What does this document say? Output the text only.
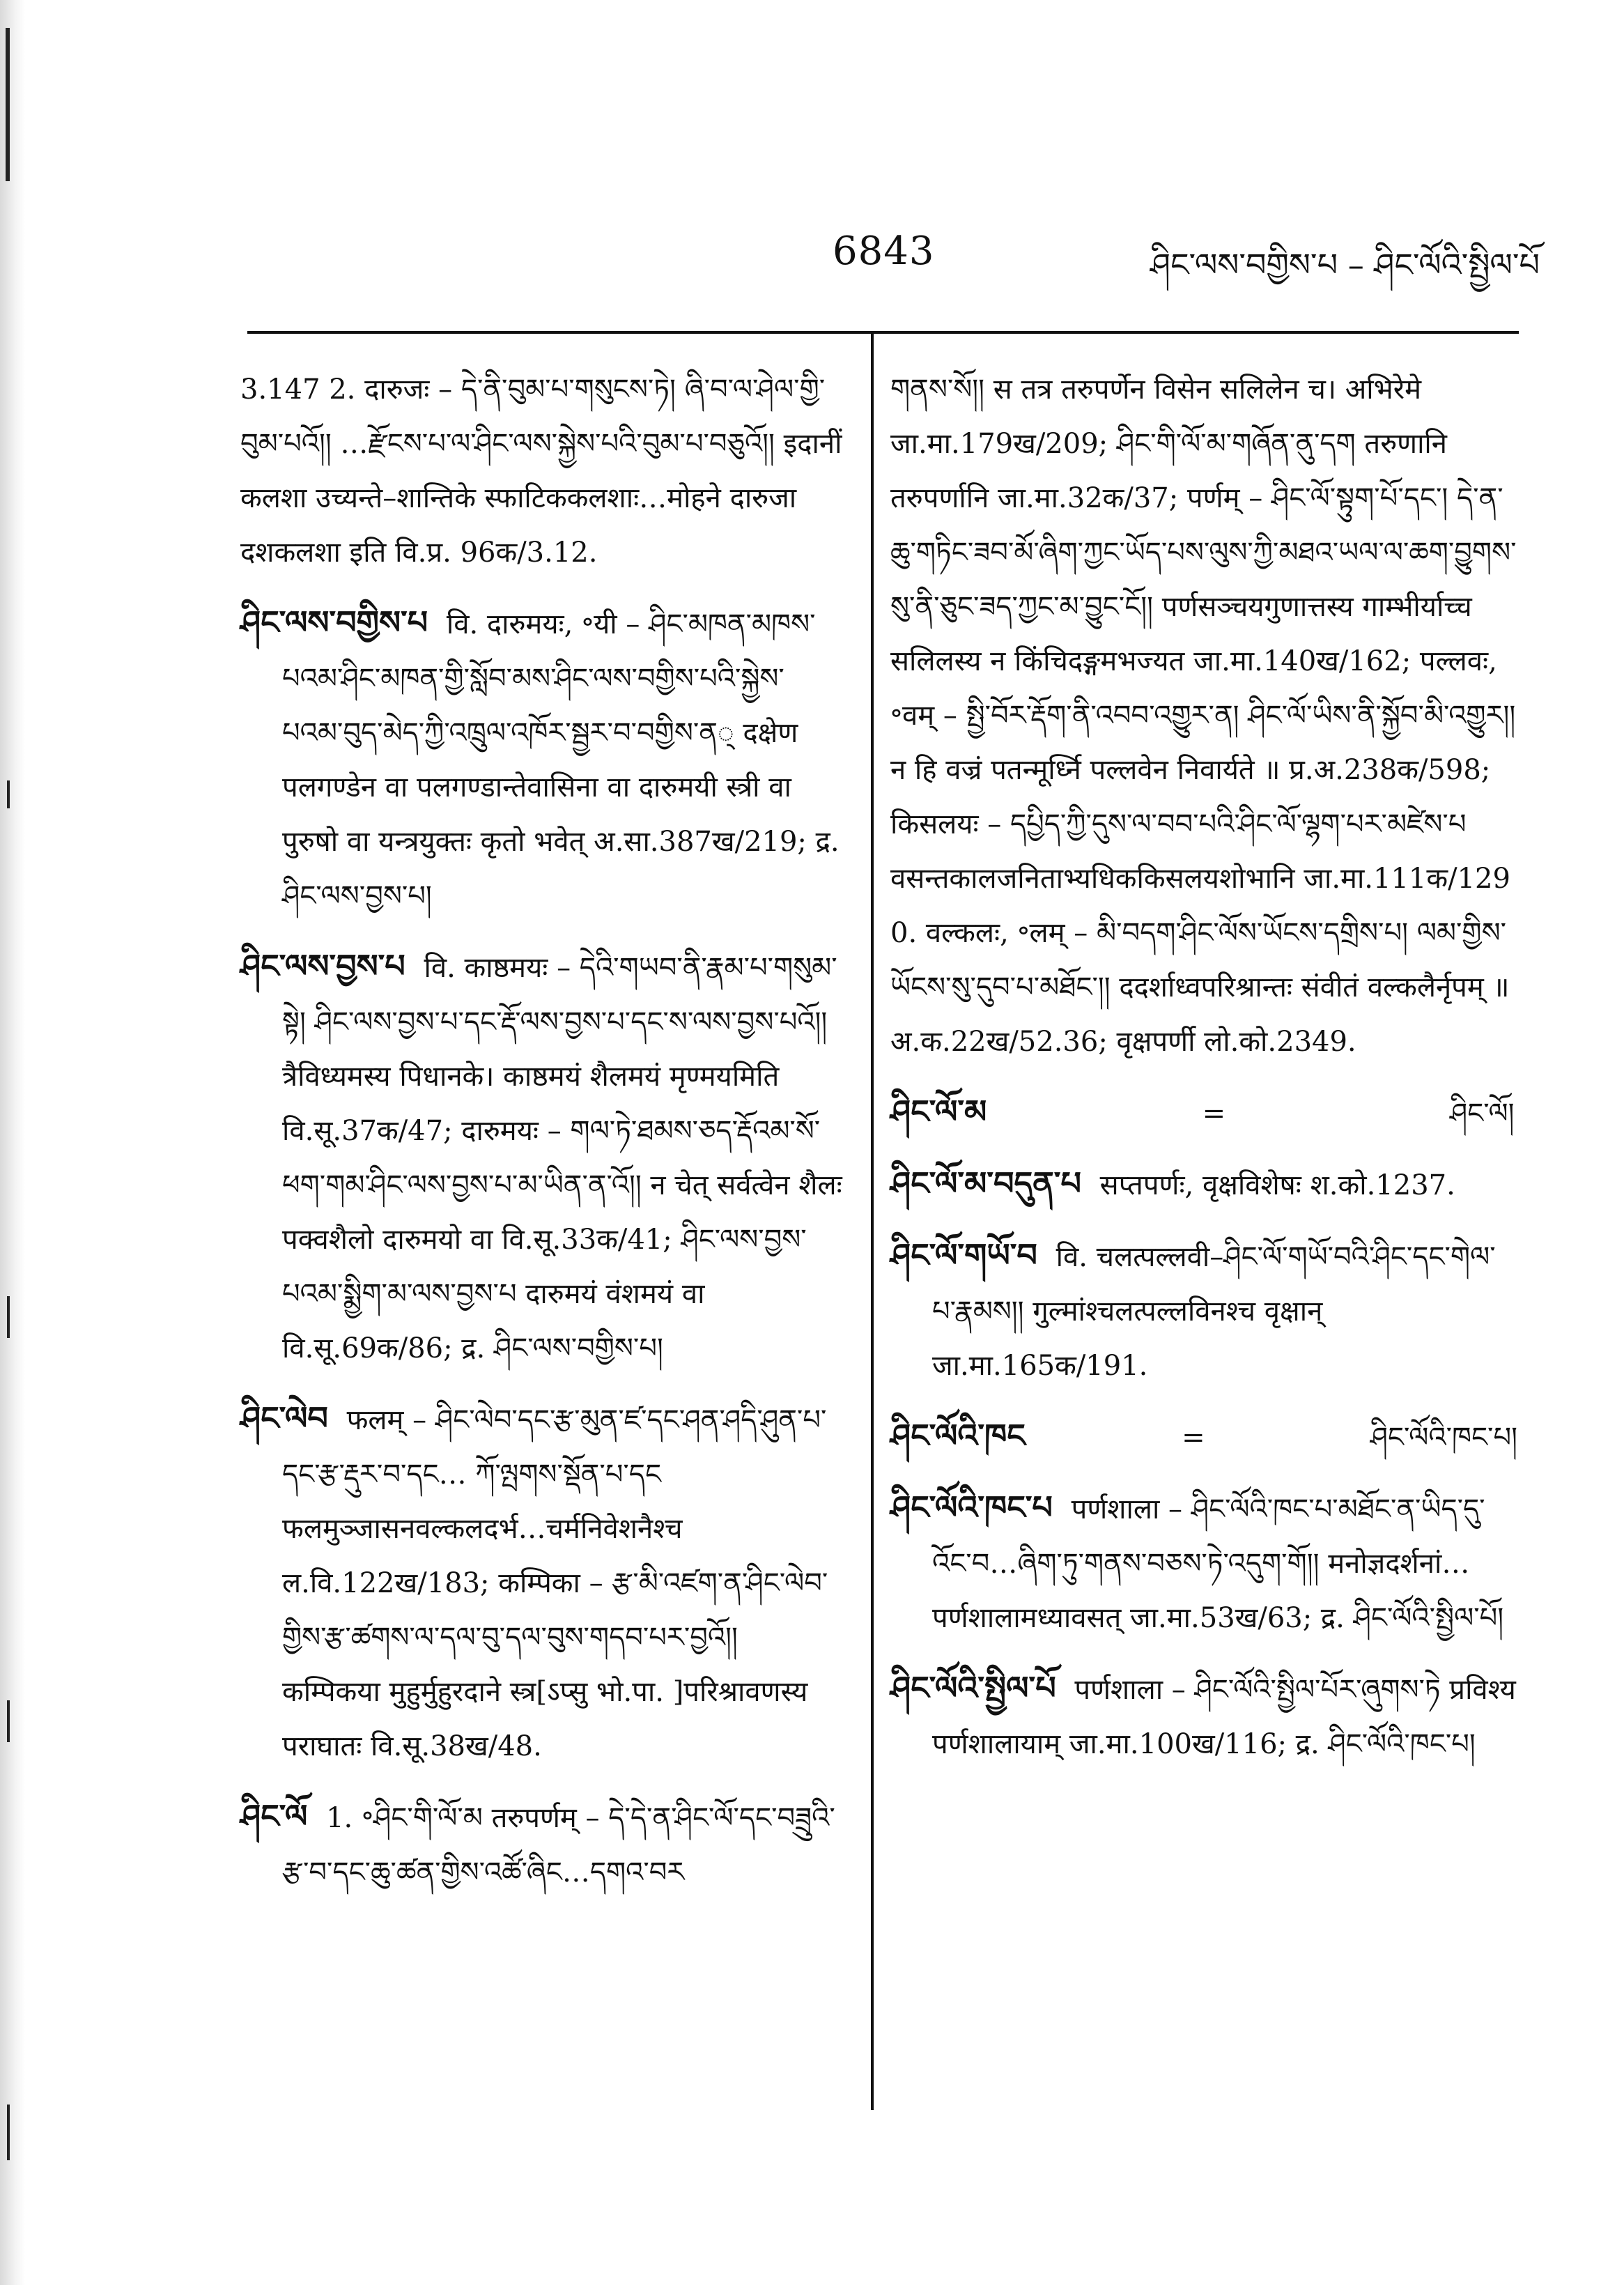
6843	ཤིང་ལས་བགྱིས་པ – ཤིང་ལོའི་སྤྱིལ་པོ

3.147 2. दारुजः – དེ་ནི་བུམ་པ་གསུངས་ཏེ། ཞི་བ་ལ་ཤེལ་གྱི་བུམ་པའོ།། …རྫོངས་པ་ལ་ཤིང་ལས་སྐྱེས་པའི་བུམ་པ་བཅུའོ།། इदानीं कलशा उच्यन्ते–शान्तिके स्फाटिककलशाः…मोहने दारुजा दशकलशा इति वि.प्र. 96क/3.12.

ཤིང་ལས་བགྱིས་པ वि. दारुमयः, ॰यी – ཤིང་མཁན་མཁས་པའམ་ཤིང་མཁན་གྱི་སློབ་མས་ཤིང་ལས་བགྱིས་པའི་སྐྱེས་པའམ་བུད་མེད་ཀྱི་འཁྲུལ་འཁོར་སྦྱར་བ་བགྱིས་ན् दक्षेण पलगण्डेन वा पलगण्डान्तेवासिना वा दारुमयी स्त्री वा पुरुषो वा यन्त्रयुक्तः कृतो भवेत् अ.सा.387ख/219; द्र. ཤིང་ལས་བྱས་པ།

ཤིང་ལས་བྱས་པ वि. काष्ठमयः – དེའི་གཡབ་ནི་རྣམ་པ་གསུམ་སྟེ། ཤིང་ལས་བྱས་པ་དང་རྡོ་ལས་བྱས་པ་དང་ས་ལས་བྱས་པའོ།། त्रैविध्यमस्य पिधानके। काष्ठमयं शैलमयं मृण्मयमिति वि.सू.37क/47; दारुमयः – གལ་ཏེ་ཐམས་ཅད་རྡོའམ་སོ་ཕག་གམ་ཤིང་ལས་བྱས་པ་མ་ཡིན་ན་འོ།། न चेत् सर्वत्वेन शैलः पक्वशैलो दारुमयो वा वि.सू.33क/41; ཤིང་ལས་བྱས་པའམ་སྨྱིག་མ་ལས་བྱས་པ दारुमयं वंशमयं वा वि.सू.69क/86; द्र. ཤིང་ལས་བགྱིས་པ།

ཤིང་ལེབ फलम् – ཤིང་ལེབ་དང་རྩ་མུན་ཛ་དང་ཤན་ཤདི་ཤུན་པ་དང་རྩ་རྡུར་བ་དང… ཀོ་ལྤགས་སྡོན་པ་དང फलमुञ्जासनवल्कलदर्भ…चर्मनिवेशनैश्च ल.वि.122ख/183; कम्पिका – རྩ་མི་འཛག་ན་ཤིང་ལེབ་གྱིས་རྩ་ཚགས་ལ་དལ་བུ་དལ་བུས་གདབ་པར་བྱའོ།། कम्पिकया मुहुर्मुहुरदाने स्त्र[ऽप्सु भो.पा. ]परिश्रावणस्य पराघातः वि.सू.38ख/48.

ཤིང་ལོ 1. ॰ཤིང་གི་ལོ་མ तरुपर्णम् – དེ་དེ་ན་ཤིང་ལོ་དང་བཟྲུའི་རྩ་བ་དང་ཆུ་ཚན་གྱིས་འཚོ་ཞིང…དགའ་བར

གནས་སོ།། स तत्र तरुपर्णेन विसेन सलिलेन च। अभिरेमे जा.मा.179ख/209; ཤིང་གི་ལོ་མ་གཞོན་ནུ་དག तरुणानि तरुपर्णानि जा.मा.32क/37; पर्णम् – ཤིང་ལོ་སྟུག་པོ་དང་། དེ་ན་ཆུ་གཏིང་ཟབ་མོ་ཞིག་ཀྱང་ཡོད་པས་ལུས་ཀྱི་མཐའ་ཡལ་ལ་ཆག་བྱུགས་སུ་ནི་ཅུང་ཟད་ཀྱང་མ་བྱུང་ངོ།། पर्णसञ्चयगुणात्तस्य गाम्भीर्याच्च सलिलस्य न किंचिदङ्गमभज्यत जा.मा.140ख/162; पल्लवः, ॰वम् – སྤྱི་བོར་རྡོག་ནི་འབབ་འགྱུར་ན། ཤིང་ལོ་ཡིས་ནི་སྐྱོབ་མི་འགྱུར།། न हि वज्रं पतन्मूर्ध्नि पल्लवेन निवार्यते ॥ प्र.अ.238क/598; किसलयः – དཔྱིད་ཀྱི་དུས་ལ་བབ་པའི་ཤིང་ལོ་ལྷག་པར་མཛེས་པ वसन्तकालजनिताभ्यधिककिसलयशोभानि जा.मा.111क/129 0. वल्कलः, ॰लम् – མི་བདག་ཤིང་ལོས་ཡོངས་དགྲིས་པ། ལམ་གྱིས་ཡོངས་སུ་དུབ་པ་མཐོང་།། ददर्शाध्वपरिश्रान्तः संवीतं वल्कलैर्नृपम् ॥ अ.क.22ख/52.36; वृक्षपर्णी लो.को.2349.

ཤིང་ལོ་མ	=	ཤིང་ལོ།

ཤིང་ལོ་མ་བདུན་པ सप्तपर्णः, वृक्षविशेषः श.को.1237.

ཤིང་ལོ་གཡོ་བ वि. चलत्पल्लवी–ཤིང་ལོ་གཡོ་བའི་ཤིང་དང་གེལ་པ་རྣམས།། गुल्मांश्चलत्पल्लविनश्च वृक्षान् जा.मा.165क/191.

ཤིང་ལོའི་ཁང	=	ཤིང་ལོའི་ཁང་པ།

ཤིང་ལོའི་ཁང་པ पर्णशाला – ཤིང་ལོའི་ཁང་པ་མཐོང་ན་ཡིད་དུ་འོང་བ…ཞིག་ཏུ་གནས་བཅས་ཏེ་འདུག་གོ།། मनोज्ञदर्शनां… पर्णशालामध्यावसत् जा.मा.53ख/63; द्र. ཤིང་ལོའི་སྤྱིལ་པོ།

ཤིང་ལོའི་སྤྱིལ་པོ पर्णशाला – ཤིང་ལོའི་སྤྱིལ་པོར་ཞུགས་ཏེ प्रविश्य पर्णशालायाम् जा.मा.100ख/116; द्र. ཤིང་ལོའི་ཁང་པ།
